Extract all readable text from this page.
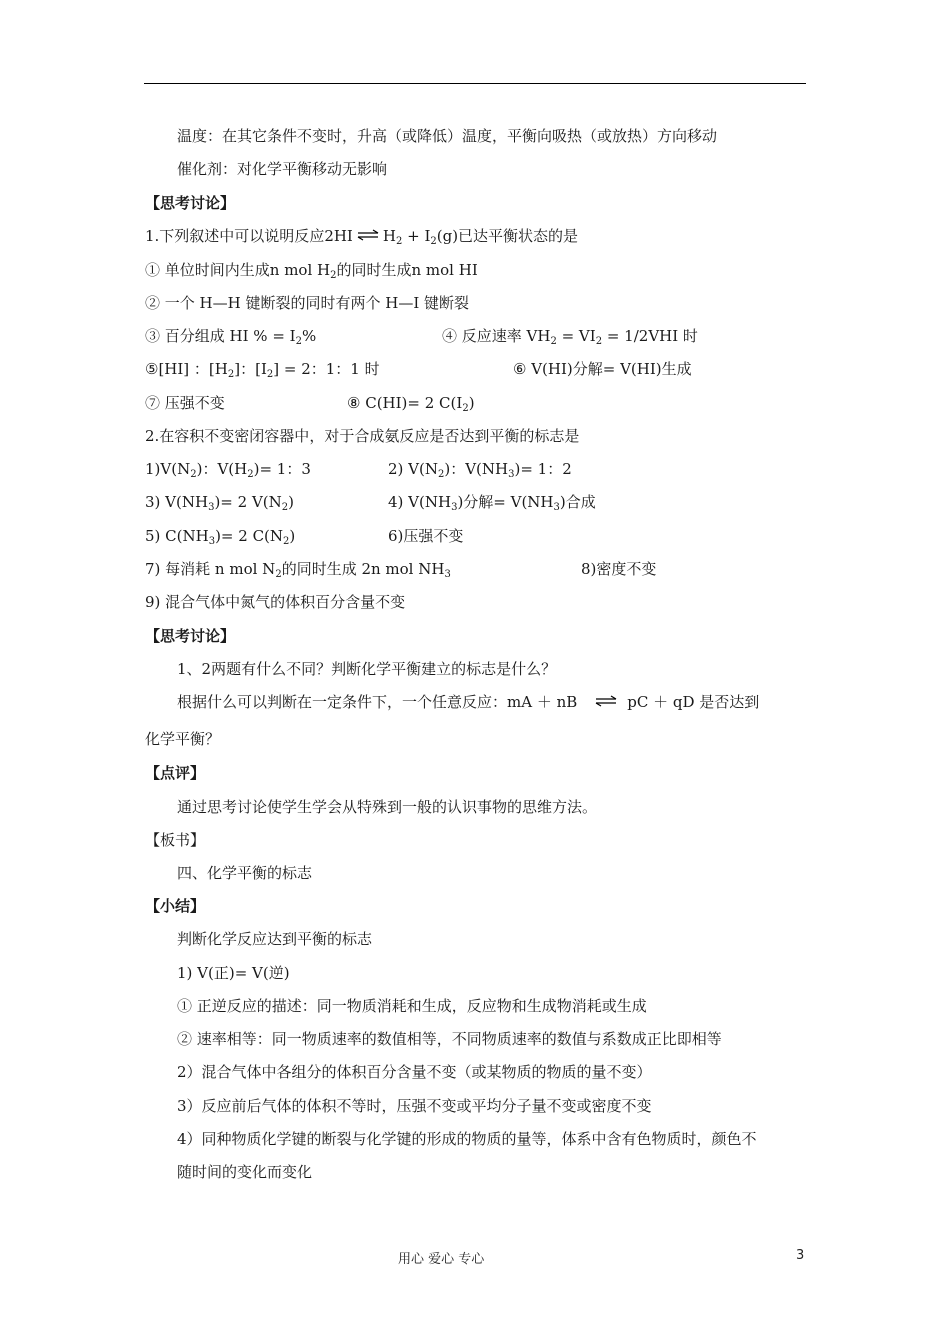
温度：在其它条件不变时，升高（或降低）温度，平衡向吸热（或放热）方向移动
催化剂：对化学平衡移动无影响
【思考讨论】
1.下列叙述中可以说明反应2HI ⇌ $H_2 + I_2(g)$已达平衡状态的是
① 单位时间内生成n mol $H_2$的同时生成n mol HI
② 一个 H—H 键断裂的同时有两个 H—I 键断裂
③ 百分组成 HI % = $I_2\%$	④ 反应速率 $VH_2 = VI_2 = 1/2VHI$ 时
⑤[HI] ：$[H_2]$：$[I_2] = 2$：1：1 时	⑥ V(HI)分解= V(HI)生成
⑦ 压强不变	⑧ C(HI)= 2 $C(I_2)$
2.在容积不变密闭容器中，对于合成氨反应是否达到平衡的标志是
$1)V(N_2)$：$V(H_2)= 1$：3	2) $V(N_2)$：$V(NH_3)= 1$：2
3) $V(NH_3)= 2$ $V(N_2)$	4) $V(NH_3)$分解= $V(NH_3)$合成
5) $C(NH_3)= 2$ $C(N_2)$	6)压强不变
7) 每消耗 n mol $N_2$的同时生成 2n mol $NH_3$	8)密度不变
9) 混合气体中氮气的体积百分含量不变
【思考讨论】
1、2两题有什么不同？判断化学平衡建立的标志是什么？
根据什么可以判断在一定条件下，一个任意反应：mA ＋ nB ⇌ pC ＋ qD 是否达到
化学平衡？
【点评】
通过思考讨论使学生学会从特殊到一般的认识事物的思维方法。
【板书】
四、化学平衡的标志
【小结】
判断化学反应达到平衡的标志
1) V(正)= V(逆)
① 正逆反应的描述：同一物质消耗和生成，反应物和生成物消耗或生成
② 速率相等：同一物质速率的数值相等，不同物质速率的数值与系数成正比即相等
2）混合气体中各组分的体积百分含量不变（或某物质的物质的量不变）
3）反应前后气体的体积不等时，压强不变或平均分子量不变或密度不变
4）同种物质化学键的断裂与化学键的形成的物质的量等，体系中含有色物质时，颜色不
随时间的变化而变化
用心 爱心 专心	3
